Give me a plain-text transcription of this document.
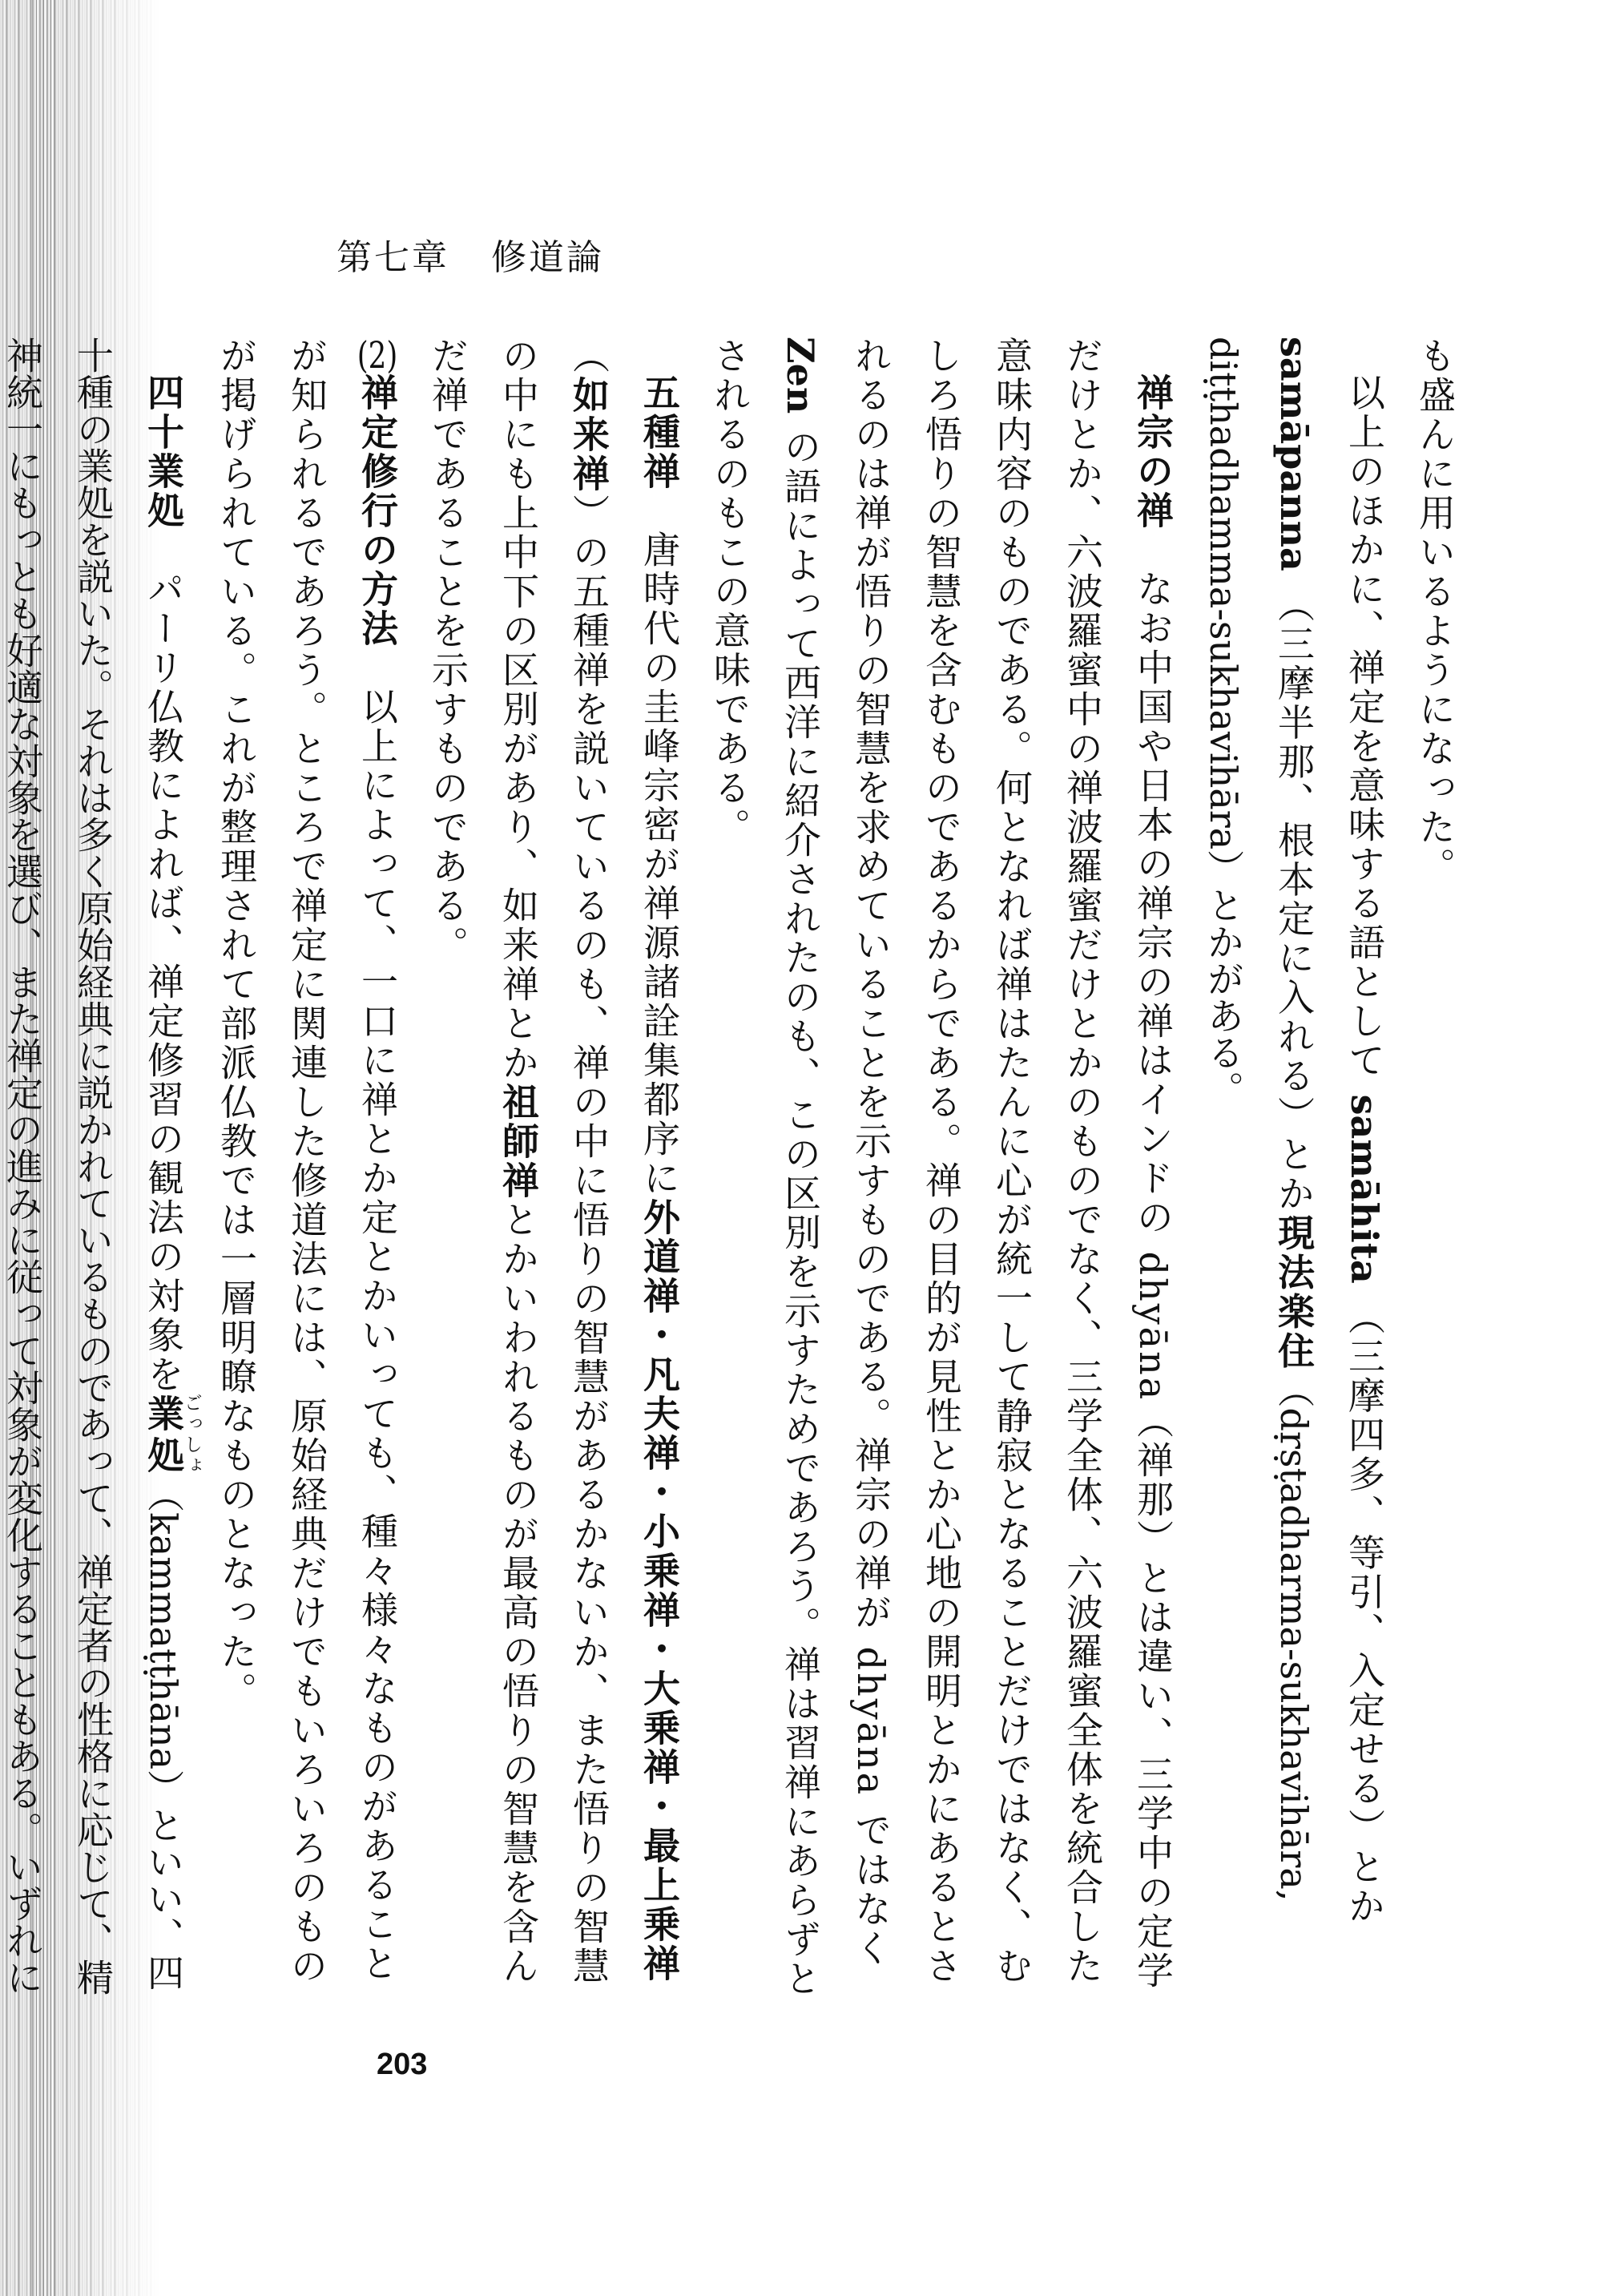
第七章 修道論

も盛んに用いるようになった。

以上のほかに、禅定を意味する語として samāhita （三摩四多、等引、入定せる）とか samāpanna （三摩半那、根本定に入れる）とか現法楽住（dṛṣṭadharma-sukhavihāra, diṭṭhadhamma-sukhavihāra）とかがある。

禅宗の禅　なお中国や日本の禅宗の禅はインドの dhyāna（禅那）とは違い、三学中の定学だけとか、六波羅蜜中の禅波羅蜜だけとかのものでなく、三学全体、六波羅蜜全体を統合した意味内容のものである。何となれば禅はたんに心が統一して静寂となることだけではなく、むしろ悟りの智慧を含むものであるからである。禅の目的が見性とか心地の開明とかにあるとされるのは禅が悟りの智慧を求めていることを示すものである。禅宗の禅が dhyāna ではなく Zen の語によって西洋に紹介されたのも、この区別を示すためであろう。禅は習禅にあらずとされるのもこの意味である。

五種禅　唐時代の圭峰宗密が禅源諸詮集都序に外道禅・凡夫禅・小乗禅・大乗禅・最上乗禅（如来禅）の五種禅を説いているのも、禅の中に悟りの智慧があるかないか、また悟りの智慧の中にも上中下の区別があり、如来禅とか祖師禅とかいわれるものが最高の悟りの智慧を含んだ禅であることを示すものである。

(2)禅定修行の方法　以上によって、一口に禅とか定とかいっても、種々様々なものがあることが知られるであろう。ところで禅定に関連した修道法には、原始経典だけでもいろいろのものが掲げられている。これが整理されて部派仏教では一層明瞭なものとなった。

四十業処　パーリ仏教によれば、禅定修習の観法の対象を業処ごっしょ（kammaṭṭhāna）といい、四十種の業処を説いた。それは多く原始経典に説かれているものであって、禅定者の性格に応じて、精神統一にもっとも好適な対象を選び、また禅定の進みに従って対象が変化することもある。いずれに

203
